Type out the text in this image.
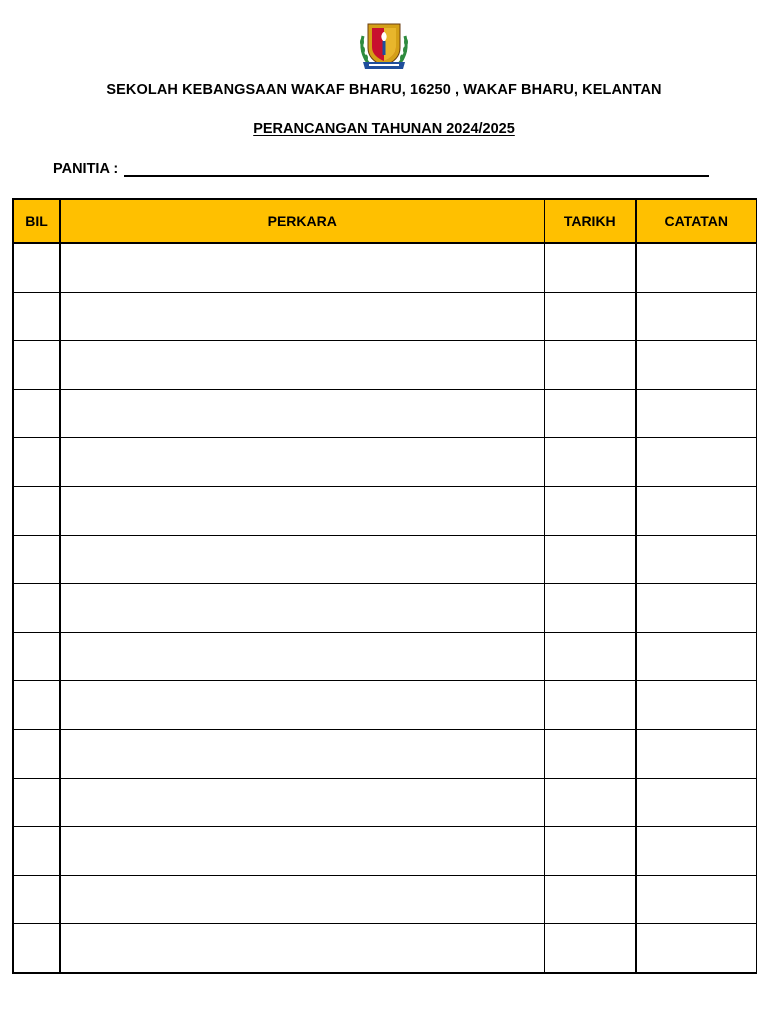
SEKOLAH KEBANGSAAN WAKAF BHARU, 16250 , WAKAF BHARU, KELANTAN
PERANCANGAN TAHUNAN 2024/2025
PANITIA :
BIL	PERKARA	TARIKH	CATATAN
